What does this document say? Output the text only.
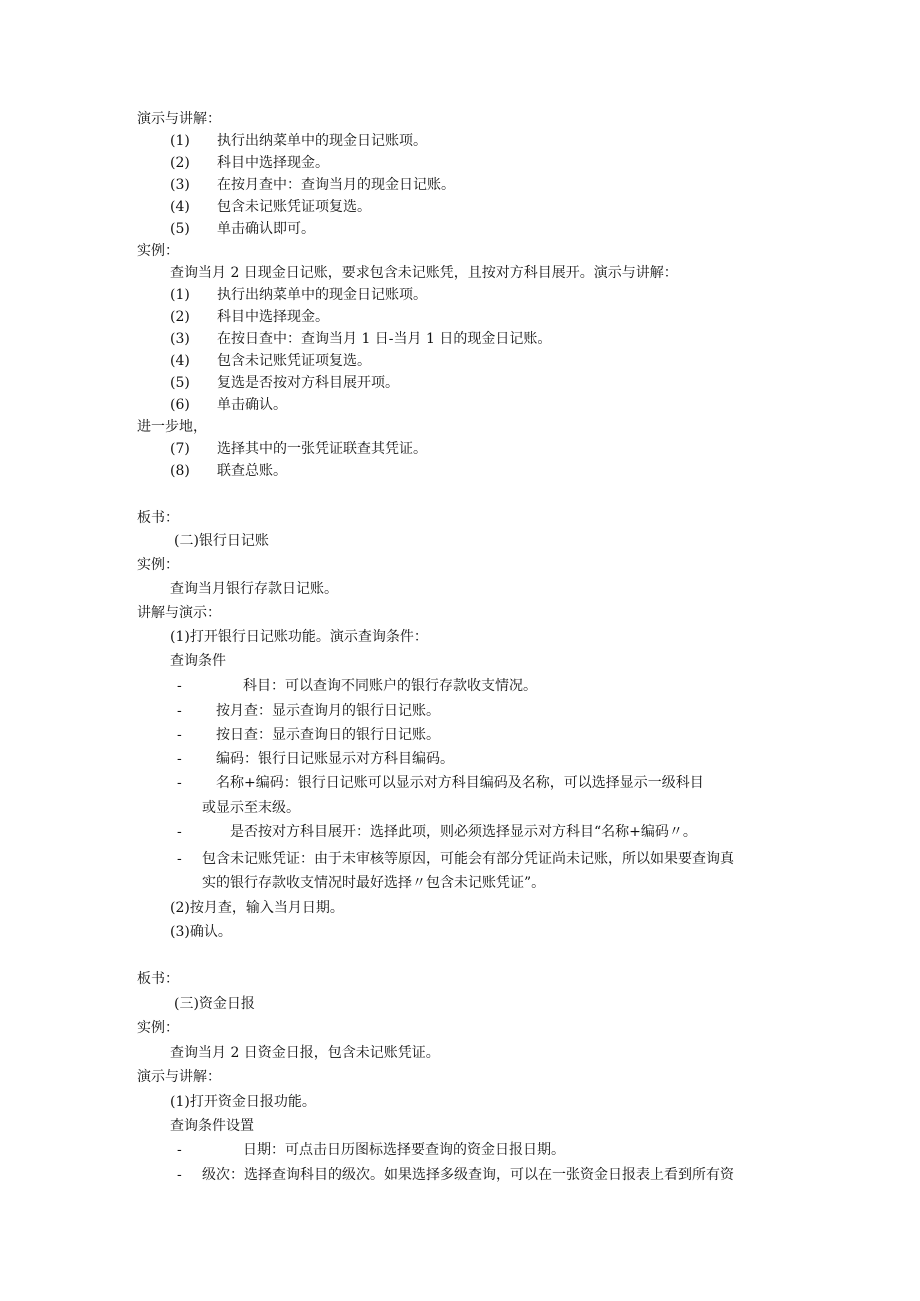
演示与讲解：
(1) 执行出纳菜单中的现金日记账项。
(2) 科目中选择现金。
(3) 在按月查中：查询当月的现金日记账。
(4) 包含未记账凭证项复选。
(5) 单击确认即可。
实例：
查询当月 2 日现金日记账，要求包含未记账凭，且按对方科目展开。演示与讲解：
(1) 执行出纳菜单中的现金日记账项。
(2) 科目中选择现金。
(3) 在按日查中：查询当月 1 日-当月 1 日的现金日记账。
(4) 包含未记账凭证项复选。
(5) 复选是否按对方科目展开项。
(6) 单击确认。
进一步地，
(7) 选择其中的一张凭证联查其凭证。
(8) 联查总账。
板书：
(二)银行日记账
实例：
查询当月银行存款日记账。
讲解与演示：
(1)打开银行日记账功能。演示查询条件：
查询条件
-	科目：可以查询不同账户的银行存款收支情况。
- 按月查：显示查询月的银行日记账。
- 按日查：显示查询日的银行日记账。
- 编码：银行日记账显示对方科目编码。
- 名称+编码：银行日记账可以显示对方科目编码及名称，可以选择显示一级科目
或显示至末级。
-	是否按对方科目展开：选择此项，则必须选择显示对方科目“名称+编码〃。
- 包含未记账凭证：由于未审核等原因，可能会有部分凭证尚未记账，所以如果要查询真
实的银行存款收支情况时最好选择〃包含未记账凭证”。
(2)按月查，输入当月日期。
(3)确认。
板书：
(三)资金日报
实例：
查询当月 2 日资金日报，包含未记账凭证。
演示与讲解：
(1)打开资金日报功能。
查询条件设置
-	日期：可点击日历图标选择要查询的资金日报日期。
- 级次：选择查询科目的级次。如果选择多级查询，可以在一张资金日报表上看到所有资
